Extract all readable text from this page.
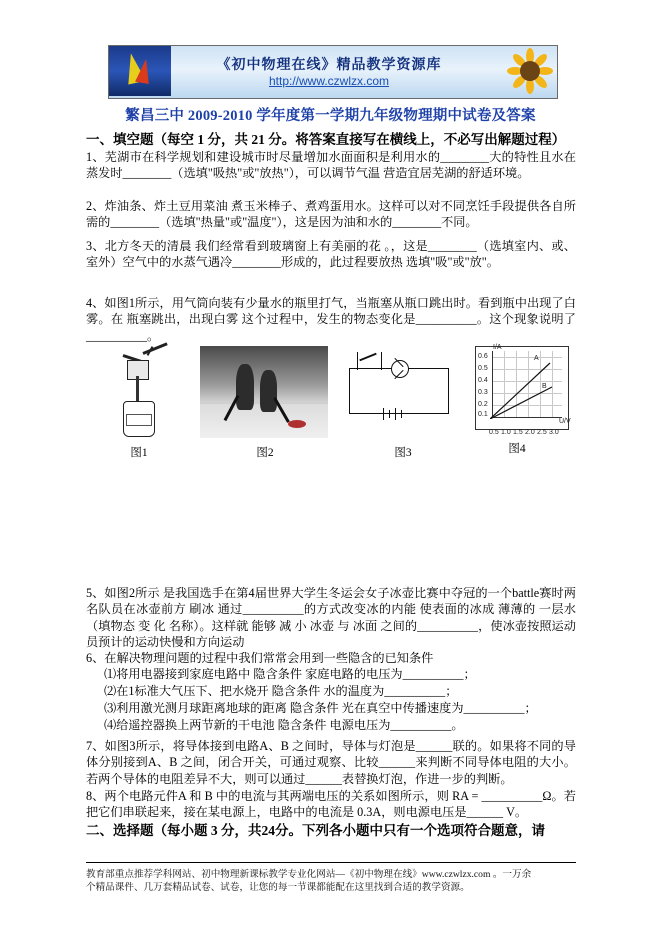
《初中物理在线》精品教学资源库
http://www.czwlzx.com
繁昌三中 2009-2010 学年度第一学期九年级物理期中试卷及答案
一、填空题（每空 1 分，共 21 分。将答案直接写在横线上，不必写出解题过程）
1、芜湖市在科学规划和建设城市时尽量增加水面面积是利用水的________大的特性且水在蒸发时________（选填"吸热"或"放热"），可以调节气温 营造宜居芜湖的舒适环境。
2、炸油条、炸土豆用菜油 煮玉米棒子、煮鸡蛋用水。这样可以对不同烹饪手段提供各自所需的________（选填"热量"或"温度"），这是因为油和水的________不同。
3、北方冬天的清晨 我们经常看到玻璃窗上有美丽的花 。，这是________（选填室内、或、室外）空气中的水蒸气遇冷________形成的，此过程要放热 选填"吸"或"放"。
4、如图1所示，用气筒向装有少量水的瓶里打气，当瓶塞从瓶口跳出时。看到瓶中出现了白雾。在 瓶塞跳出，出现白雾 这个过程中，发生的物态变化是__________。这个现象说明了__________。
图1	图2	图3
A
B
I/A
0.6
0.5
0.4
0.3
0.2
0.1
0.5 1.0 1.5 2.0 2.5 3.0
U/V
图4
5、如图2所示 是我国选手在第4届世界大学生冬运会女子冰壶比赛中夺冠的一个battle赛时两名队员在冰壶前方 刷冰 通过__________的方式改变冰的内能 使表面的冰成 薄薄的 一层水（填物态 变 化 名称）。这样就 能够 减 小 冰壶 与 冰面 之间的__________，使冰壶按照运动员预计的运动快慢和方向运动
6、在解决物理问题的过程中我们常常会用到一些隐含的已知条件
⑴将用电器接到家庭电路中 隐含条件 家庭电路的电压为__________；
⑵在1标准大气压下、把水烧开 隐含条件 水的温度为__________；
⑶利用激光测月球距离地球的距离 隐含条件 光在真空中传播速度为__________；
⑷给遥控器换上两节新的干电池 隐含条件 电源电压为__________。
7、如图3所示，将导体接到电路A、B 之间时，导体与灯泡是______联的。如果将不同的导体分别接到A、B 之间，闭合开关，可通过观察、比较______来判断不同导体电阻的大小。若两个导体的电阻差异不大，则可以通过______表替换灯泡，作进一步的判断。
8、两个电路元件A 和 B 中的电流与其两端电压的关系如图所示，则 RA = __________Ω。若把它们串联起来，接在某电源上，电路中的电流是 0.3A，则电源电压是______ V。
二、选择题（每小题 3 分，共24分。下列各小题中只有一个选项符合题意，请
教育部重点推荐学科网站、初中物理新课标教学专业化网站—《初中物理在线》www.czwlzx.com 。一万余
个精品课件、几万套精品试卷、试卷，让您的每一节课都能配在这里找到合适的教学资源。
